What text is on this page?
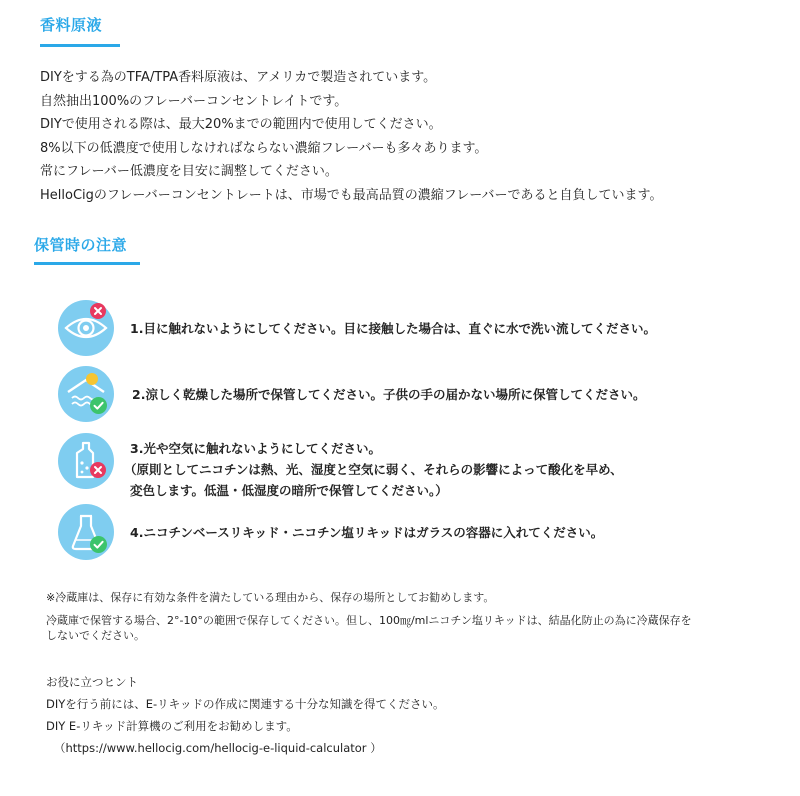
香料原液
DIYをする為のTFA/TPA香料原液は、アメリカで製造されています。
自然抽出100%のフレーバーコンセントレイトです。
DIYで使用される際は、最大20%までの範囲内で使用してください。
8%以下の低濃度で使用しなければならない濃縮フレーバーも多々あります。
常にフレーバー低濃度を目安に調整してください。
HelloCigのフレーバーコンセントレートは、市場でも最高品質の濃縮フレーバーであると自負しています。
保管時の注意
1.目に触れないようにしてください。目に接触した場合は、直ぐに水で洗い流してください。
2.涼しく乾燥した場所で保管してください。子供の手の届かない場所に保管してください。
3.光や空気に触れないようにしてください。
（原則としてニコチンは熱、光、湿度と空気に弱く、それらの影響によって酸化を早め、
変色します。低温・低湿度の暗所で保管してください。）
4.ニコチンベースリキッド・ニコチン塩リキッドはガラスの容器に入れてください。
※冷蔵庫は、保存に有効な条件を満たしている理由から、保存の場所としてお勧めします。
冷蔵庫で保管する場合、2°-10°の範囲で保存してください。但し、100㎎/mlニコチン塩リキッドは、結晶化防止の為に冷蔵保存を
しないでください。
お役に立つヒント
DIYを行う前には、E-リキッドの作成に関連する十分な知識を得てください。
DIY E-リキッド計算機のご利用をお勧めします。
（https://www.hellocig.com/hellocig-e-liquid-calculator ）
